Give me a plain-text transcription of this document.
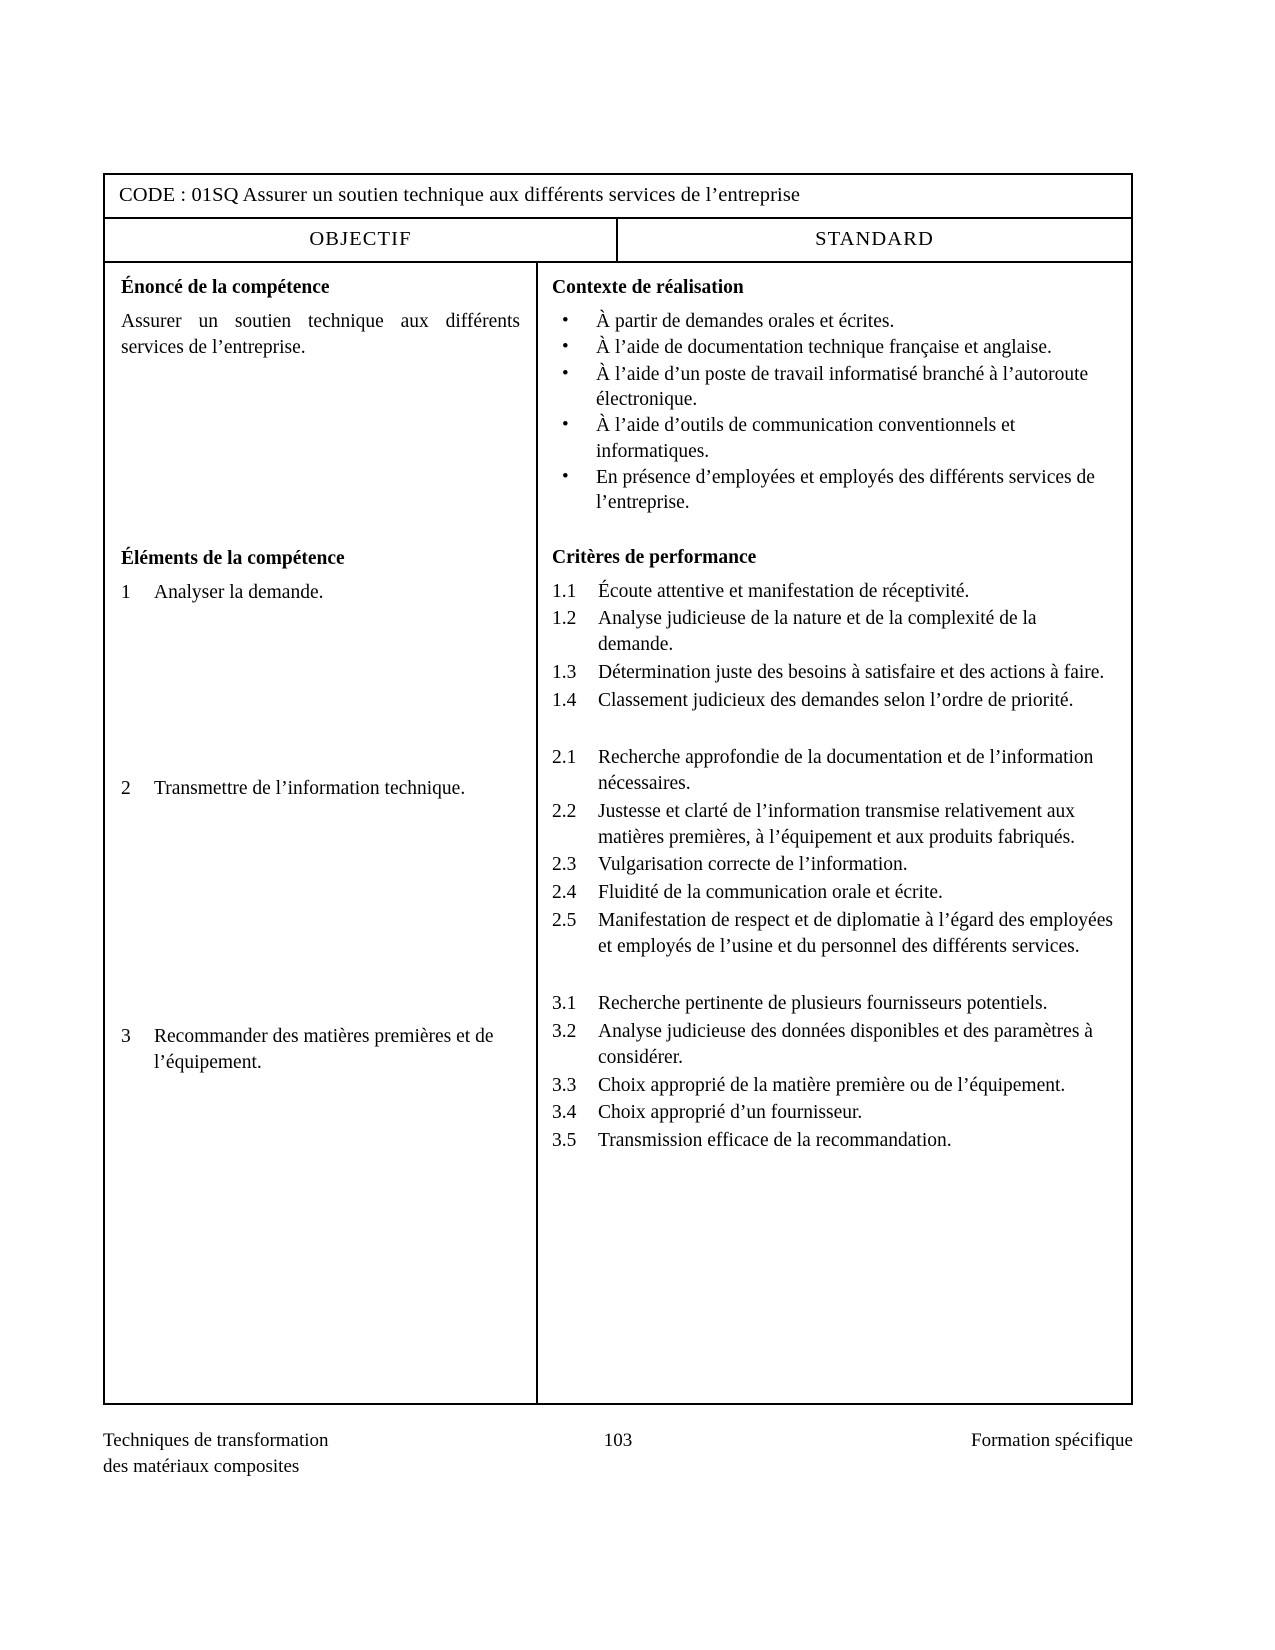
CODE : 01SQ Assurer un soutien technique aux différents services de l’entreprise
OBJECTIF	STANDARD
Énoncé de la compétence

Assurer un soutien technique aux différents services de l’entreprise.

Éléments de la compétence
1	Analyser la demande.
2	Transmettre de l’information technique.
3	Recommander des matières premières et de l’équipement.
Contexte de réalisation
• À partir de demandes orales et écrites.
• À l’aide de documentation technique française et anglaise.
• À l’aide d’un poste de travail informatisé branché à l’autoroute électronique.
• À l’aide d’outils de communication conventionnels et informatiques.
• En présence d’employées et employés des différents services de l’entreprise.
Critères de performance
1.1	Écoute attentive et manifestation de réceptivité.
1.2	Analyse judicieuse de la nature et de la complexité de la demande.
1.3	Détermination juste des besoins à satisfaire et des actions à faire.
1.4	Classement judicieux des demandes selon l’ordre de priorité.
2.1	Recherche approfondie de la documentation et de l’information nécessaires.
2.2	Justesse et clarté de l’information transmise relativement aux matières premières, à l’équipement et aux produits fabriqués.
2.3	Vulgarisation correcte de l’information.
2.4	Fluidité de la communication orale et écrite.
2.5	Manifestation de respect et de diplomatie à l’égard des employées et employés de l’usine et du personnel des différents services.
3.1	Recherche pertinente de plusieurs fournisseurs potentiels.
3.2	Analyse judicieuse des données disponibles et des paramètres à considérer.
3.3	Choix approprié de la matière première ou de l’équipement.
3.4	Choix approprié d’un fournisseur.
3.5	Transmission efficace de la recommandation.
Techniques de transformation
des matériaux composites
103	Formation spécifique
